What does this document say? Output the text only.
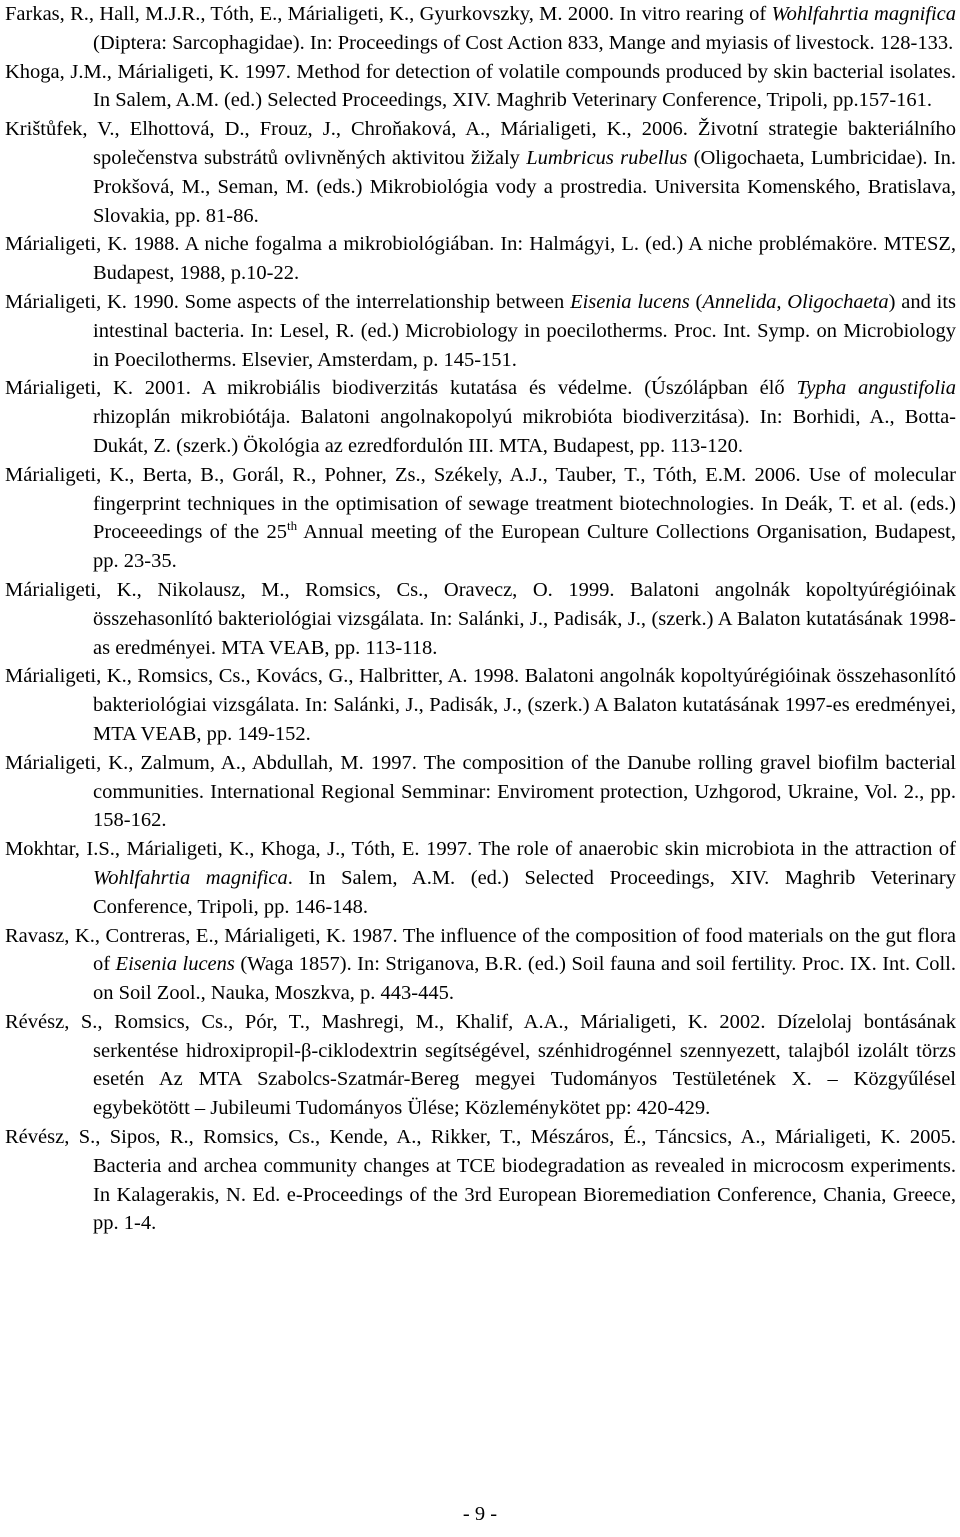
Farkas, R., Hall, M.J.R., Tóth, E., Márialigeti, K., Gyurkovszky, M. 2000. In vitro rearing of Wohlfahrtia magnifica (Diptera: Sarcophagidae). In: Proceedings of Cost Action 833, Mange and myiasis of livestock. 128-133.

Khoga, J.M., Márialigeti, K. 1997. Method for detection of volatile compounds produced by skin bacterial isolates. In Salem, A.M. (ed.) Selected Proceedings, XIV. Maghrib Veterinary Conference, Tripoli, pp.157-161.

Krištůfek, V., Elhottová, D., Frouz, J., Chroňaková, A., Márialigeti, K., 2006. Životní strategie bakteriálního společenstva substrátů ovlivněných aktivitou žižaly Lumbricus rubellus (Oligochaeta, Lumbricidae). In. Prokšová, M., Seman, M. (eds.) Mikrobiológia vody a prostredia. Universita Komenského, Bratislava, Slovakia, pp. 81-86.

Márialigeti, K. 1988. A niche fogalma a mikrobiológiában. In: Halmágyi, L. (ed.) A niche problémaköre. MTESZ, Budapest, 1988, p.10-22.

Márialigeti, K. 1990. Some aspects of the interrelationship between Eisenia lucens (Annelida, Oligochaeta) and its intestinal bacteria. In: Lesel, R. (ed.) Microbiology in poecilotherms. Proc. Int. Symp. on Microbiology in Poecilotherms. Elsevier, Amsterdam, p. 145-151.

Márialigeti, K. 2001. A mikrobiális biodiverzitás kutatása és védelme. (Úszólápban élő Typha angustifolia rhizoplán mikrobiótája. Balatoni angolnakopolyú mikrobióta biodiverzitása). In: Borhidi, A., Botta-Dukát, Z. (szerk.) Ökológia az ezredfordulón III. MTA, Budapest, pp. 113-120.

Márialigeti, K., Berta, B., Gorál, R., Pohner, Zs., Székely, A.J., Tauber, T., Tóth, E.M. 2006. Use of molecular fingerprint techniques in the optimisation of sewage treatment biotechnologies. In Deák, T. et al. (eds.) Proceeedings of the 25th Annual meeting of the European Culture Collections Organisation, Budapest, pp. 23-35.

Márialigeti, K., Nikolausz, M., Romsics, Cs., Oravecz, O. 1999. Balatoni angolnák kopoltyúrégióinak összehasonlító bakteriológiai vizsgálata. In: Salánki, J., Padisák, J., (szerk.) A Balaton kutatásának 1998-as eredményei. MTA VEAB, pp. 113-118.

Márialigeti, K., Romsics, Cs., Kovács, G., Halbritter, A. 1998. Balatoni angolnák kopoltyúrégióinak összehasonlító bakteriológiai vizsgálata. In: Salánki, J., Padisák, J., (szerk.) A Balaton kutatásának 1997-es eredményei, MTA VEAB, pp. 149-152.

Márialigeti, K., Zalmum, A., Abdullah, M. 1997. The composition of the Danube rolling gravel biofilm bacterial communities. International Regional Semminar: Enviroment protection, Uzhgorod, Ukraine, Vol. 2., pp. 158-162.

Mokhtar, I.S., Márialigeti, K., Khoga, J., Tóth, E. 1997. The role of anaerobic skin microbiota in the attraction of Wohlfahrtia magnifica. In Salem, A.M. (ed.) Selected Proceedings, XIV. Maghrib Veterinary Conference, Tripoli, pp. 146-148.

Ravasz, K., Contreras, E., Márialigeti, K. 1987. The influence of the composition of food materials on the gut flora of Eisenia lucens (Waga 1857). In: Striganova, B.R. (ed.) Soil fauna and soil fertility. Proc. IX. Int. Coll. on Soil Zool., Nauka, Moszkva, p. 443-445.

Révész, S., Romsics, Cs., Pór, T., Mashregi, M., Khalif, A.A., Márialigeti, K. 2002. Dízelolaj bontásának serkentése hidroxipropil-β-ciklodextrin segítségével, szénhidrogénnel szennyezett, talajból izolált törzs esetén Az MTA Szabolcs-Szatmár-Bereg megyei Tudományos Testületének X. – Közgyűlésel egybekötött – Jubileumi Tudományos Ülése; Közleménykötet pp: 420-429.

Révész, S., Sipos, R., Romsics, Cs., Kende, A., Rikker, T., Mészáros, É., Táncsics, A., Márialigeti, K. 2005. Bacteria and archea community changes at TCE biodegradation as revealed in microcosm experiments. In Kalagerakis, N. Ed. e-Proceedings of the 3rd European Bioremediation Conference, Chania, Greece, pp. 1-4.

- 9 -
